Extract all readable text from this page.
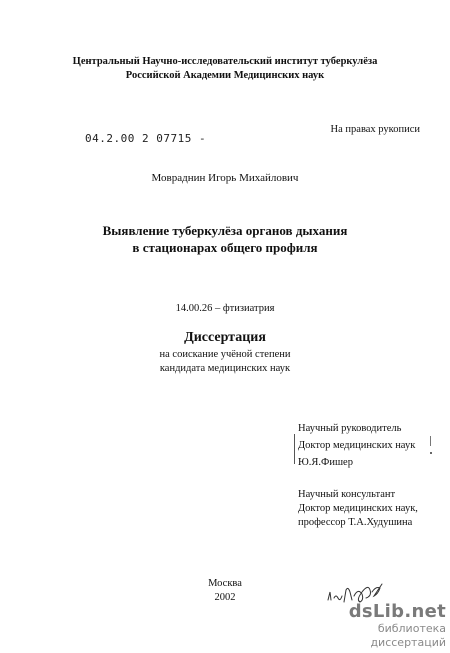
Центральный Научно-исследовательский институт туберкулёза
Российской Академии Медицинских наук
На правах рукописи
04.2.00 2 07715 -
Мовраднин Игорь Михайлович
Выявление туберкулёза органов дыхания
в стационарах общего профиля
14.00.26 – фтизиатрия
Диссертация
на соискание учёной степени
кандидата медицинских наук
Научный руководитель
Доктор медицинских наук
Ю.Я.Фишер
Научный консультант
Доктор медицинских наук,
профессор Т.А.Худушина
Москва
2002
dsLib.net
библиотека диссертаций
